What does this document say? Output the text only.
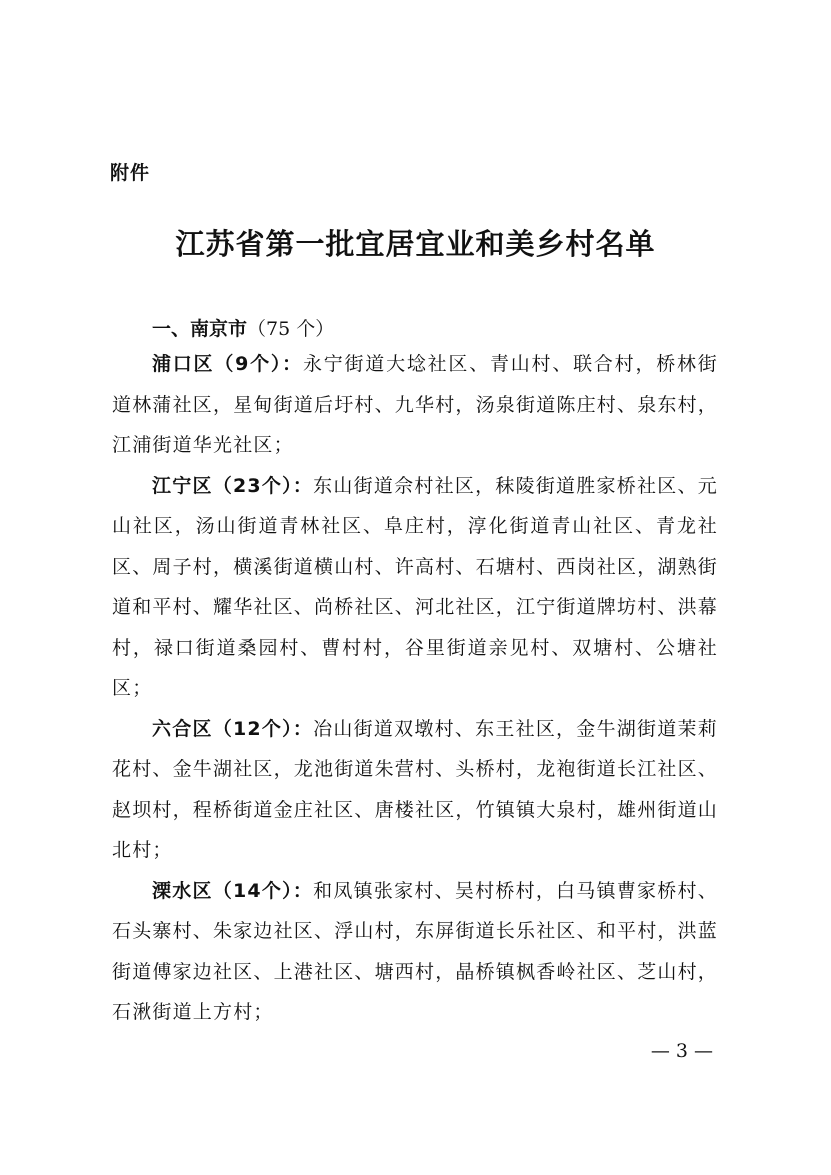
附件
江苏省第一批宜居宜业和美乡村名单
一、南京市（75 个）

浦口区（9个）：永宁街道大埝社区、青山村、联合村，桥林街道林蒲社区，星甸街道后圩村、九华村，汤泉街道陈庄村、泉东村，江浦街道华光社区；

江宁区（23个）：东山街道佘村社区，秣陵街道胜家桥社区、元山社区，汤山街道青林社区、阜庄村，淳化街道青山社区、青龙社区、周子村，横溪街道横山村、许高村、石塘村、西岗社区，湖熟街道和平村、耀华社区、尚桥社区、河北社区，江宁街道牌坊村、洪幕村，禄口街道桑园村、曹村村，谷里街道亲见村、双塘村、公塘社区；

六合区（12个）：冶山街道双墩村、东王社区，金牛湖街道茉莉花村、金牛湖社区，龙池街道朱营村、头桥村，龙袍街道长江社区、赵坝村，程桥街道金庄社区、唐楼社区，竹镇镇大泉村，雄州街道山北村；

溧水区（14个）：和凤镇张家村、吴村桥村，白马镇曹家桥村、石头寨村、朱家边社区、浮山村，东屏街道长乐社区、和平村，洪蓝街道傅家边社区、上港社区、塘西村，晶桥镇枫香岭社区、芝山村，石湫街道上方村；

— 3 —
